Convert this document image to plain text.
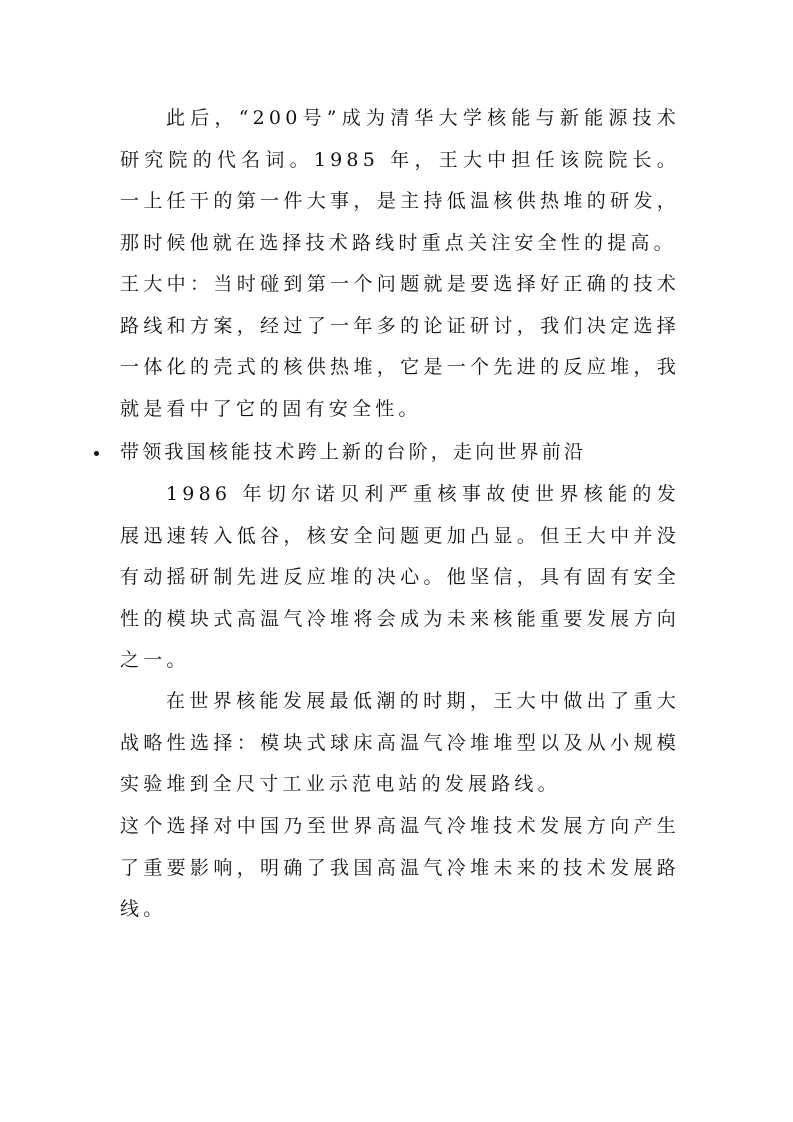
此后，“200号”成为清华大学核能与新能源技术研究院的代名词。1985 年，王大中担任该院院长。一上任干的第一件大事，是主持低温核供热堆的研发，那时候他就在选择技术路线时重点关注安全性的提高。
王大中：当时碰到第一个问题就是要选择好正确的技术路线和方案，经过了一年多的论证研讨，我们决定选择一体化的壳式的核供热堆，它是一个先进的反应堆，我就是看中了它的固有安全性。
带领我国核能技术跨上新的台阶，走向世界前沿
1986 年切尔诺贝利严重核事故使世界核能的发展迅速转入低谷，核安全问题更加凸显。但王大中并没有动摇研制先进反应堆的决心。他坚信，具有固有安全性的模块式高温气冷堆将会成为未来核能重要发展方向之一。
在世界核能发展最低潮的时期，王大中做出了重大战略性选择：模块式球床高温气冷堆堆型以及从小规模实验堆到全尺寸工业示范电站的发展路线。
这个选择对中国乃至世界高温气冷堆技术发展方向产生了重要影响，明确了我国高温气冷堆未来的技术发展路线。
